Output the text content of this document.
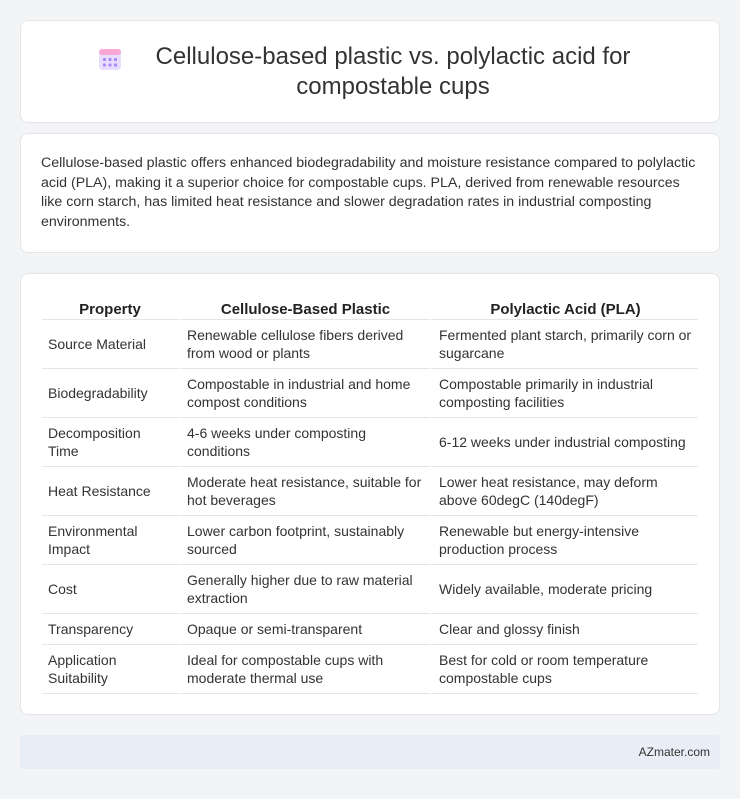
Cellulose-based plastic vs. polylactic acid for compostable cups

Cellulose-based plastic offers enhanced biodegradability and moisture resistance compared to polylactic acid (PLA), making it a superior choice for compostable cups. PLA, derived from renewable resources like corn starch, has limited heat resistance and slower degradation rates in industrial composting environments.

Property	Cellulose-Based Plastic	Polylactic Acid (PLA)
Source Material	Renewable cellulose fibers derived from wood or plants	Fermented plant starch, primarily corn or sugarcane
Biodegradability	Compostable in industrial and home compost conditions	Compostable primarily in industrial composting facilities
Decomposition Time	4-6 weeks under composting conditions	6-12 weeks under industrial composting
Heat Resistance	Moderate heat resistance, suitable for hot beverages	Lower heat resistance, may deform above 60degC (140degF)
Environmental Impact	Lower carbon footprint, sustainably sourced	Renewable but energy-intensive production process
Cost	Generally higher due to raw material extraction	Widely available, moderate pricing
Transparency	Opaque or semi-transparent	Clear and glossy finish
Application Suitability	Ideal for compostable cups with moderate thermal use	Best for cold or room temperature compostable cups
AZmater.com
